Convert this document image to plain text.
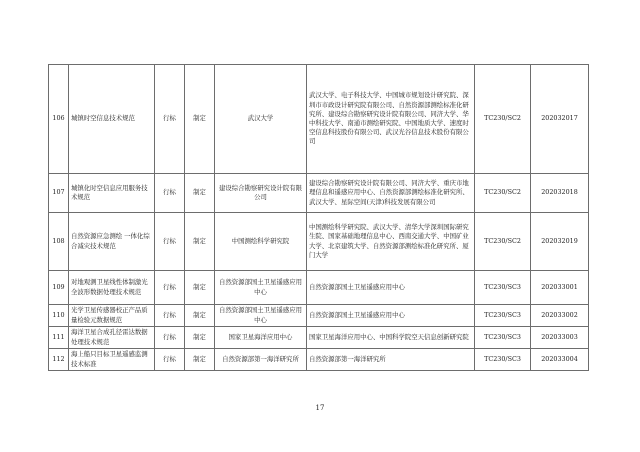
106	城镇时空信息技术规范	行标	制定	武汉大学	武汉大学、电子科技大学、中国城市规划设计研究院、深圳市市政设计研究院有限公司、自然资源部测绘标准化研究所、建设综合勘察研究设计院有限公司、同济大学、华中科技大学、南通市测绘研究院、中国地质大学、速度时空信息科技股份有限公司、武汉光谷信息技术股份有限公司	TC230/SC2	202032017
107	城镇化时空信息应用服务技术规范	行标	制定	建设综合勘察研究设计院有限公司	建设综合勘察研究设计院有限公司、同济大学、重庆市地理信息和遥感应用中心、自然资源部测绘标准化研究所、武汉大学、星际空间(天津)科技发展有限公司	TC230/SC2	202032018
108	自然资源应急测绘 一体化综合减灾技术规范	行标	制定	中国测绘科学研究院	中国测绘科学研究院、武汉大学、清华大学深圳国际研究生院、国家基础地理信息中心、西南交通大学、中国矿业大学、北京建筑大学、自然资源部测绘标准化研究所、厦门大学	TC230/SC2	202032019
109	对地观测卫星线性体制激光全波形数据处理技术规范	行标	制定	自然资源部国土卫星遥感应用中心	自然资源部国土卫星遥感应用中心	TC230/SC3	202033001
110	光学卫星传感器校正产品质量检验元数据规范	行标	制定	自然资源部国土卫星遥感应用中心	自然资源部国土卫星遥感应用中心	TC230/SC3	202033002
111	海洋卫星合成孔径雷达数据处理技术规范	行标	制定	国家卫星海洋应用中心	国家卫星海洋应用中心、中国科学院空天信息创新研究院	TC230/SC3	202033003
112	海上船只目标卫星遥感监测技术标准	行标	制定	自然资源部第一海洋研究所	自然资源部第一海洋研究所	TC230/SC3	202033004
17
